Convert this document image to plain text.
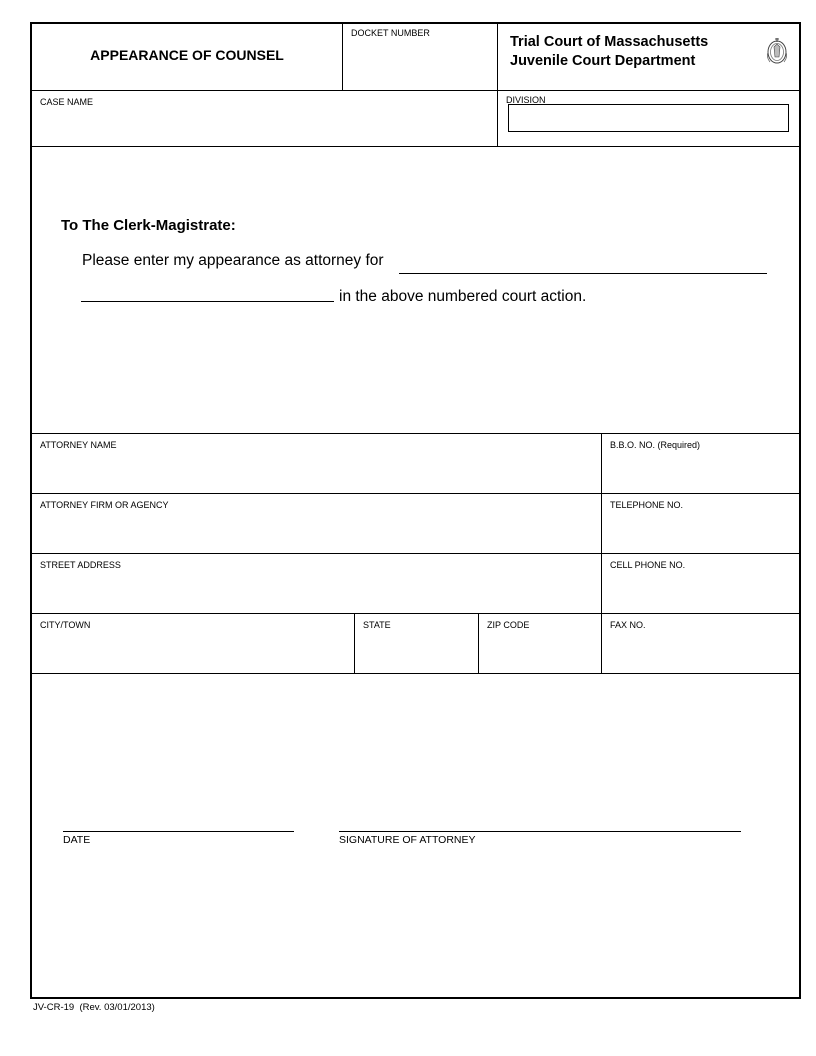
APPEARANCE OF COUNSEL
DOCKET NUMBER
Trial Court of Massachusetts
Juvenile Court Department
CASE NAME	DIVISION
To The Clerk-Magistrate:
Please enter my appearance as attorney for
in the above numbered court action.
ATTORNEY NAME	B.B.O. NO. (Required)
ATTORNEY FIRM OR AGENCY	TELEPHONE NO.
STREET ADDRESS	CELL PHONE NO.
CITY/TOWN	STATE	ZIP CODE	FAX NO.
DATE	SIGNATURE OF ATTORNEY
JV-CR-19  (Rev. 03/01/2013)
